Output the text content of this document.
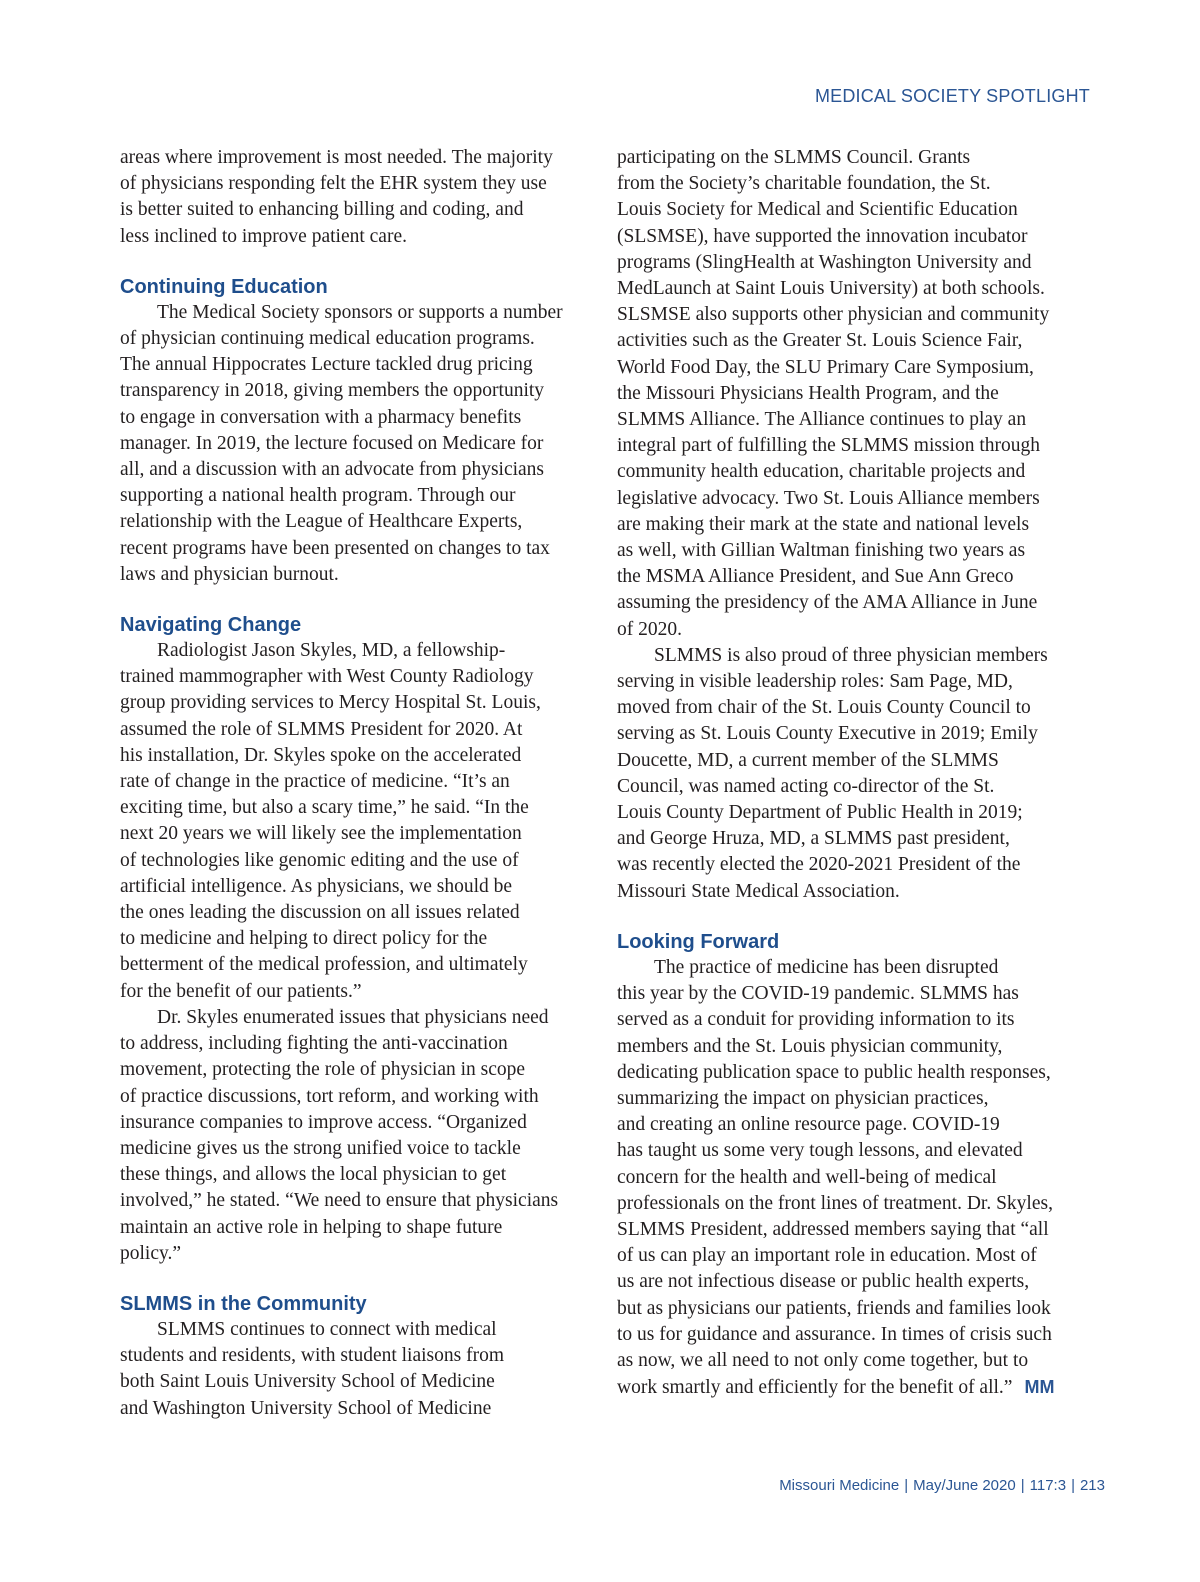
MEDICAL SOCIETY SPOTLIGHT

areas where improvement is most needed. The majority
of physicians responding felt the EHR system they use
is better suited to enhancing billing and coding, and
less inclined to improve patient care.

Continuing Education

The Medical Society sponsors or supports a number
of physician continuing medical education programs.
The annual Hippocrates Lecture tackled drug pricing
transparency in 2018, giving members the opportunity
to engage in conversation with a pharmacy benefits
manager. In 2019, the lecture focused on Medicare for
all, and a discussion with an advocate from physicians
supporting a national health program. Through our
relationship with the League of Healthcare Experts,
recent programs have been presented on changes to tax
laws and physician burnout.

Navigating Change

Radiologist Jason Skyles, MD, a fellowship-
trained mammographer with West County Radiology
group providing services to Mercy Hospital St. Louis,
assumed the role of SLMMS President for 2020. At
his installation, Dr. Skyles spoke on the accelerated
rate of change in the practice of medicine. “It’s an
exciting time, but also a scary time,” he said. “In the
next 20 years we will likely see the implementation
of technologies like genomic editing and the use of
artificial intelligence. As physicians, we should be
the ones leading the discussion on all issues related
to medicine and helping to direct policy for the
betterment of the medical profession, and ultimately
for the benefit of our patients.”

Dr. Skyles enumerated issues that physicians need
to address, including fighting the anti-vaccination
movement, protecting the role of physician in scope
of practice discussions, tort reform, and working with
insurance companies to improve access. “Organized
medicine gives us the strong unified voice to tackle
these things, and allows the local physician to get
involved,” he stated. “We need to ensure that physicians
maintain an active role in helping to shape future
policy.”

SLMMS in the Community

SLMMS continues to connect with medical
students and residents, with student liaisons from
both Saint Louis University School of Medicine
and Washington University School of Medicine

participating on the SLMMS Council. Grants
from the Society’s charitable foundation, the St.
Louis Society for Medical and Scientific Education
(SLSMSE), have supported the innovation incubator
programs (SlingHealth at Washington University and
MedLaunch at Saint Louis University) at both schools.
SLSMSE also supports other physician and community
activities such as the Greater St. Louis Science Fair,
World Food Day, the SLU Primary Care Symposium,
the Missouri Physicians Health Program, and the
SLMMS Alliance. The Alliance continues to play an
integral part of fulfilling the SLMMS mission through
community health education, charitable projects and
legislative advocacy. Two St. Louis Alliance members
are making their mark at the state and national levels
as well, with Gillian Waltman finishing two years as
the MSMA Alliance President, and Sue Ann Greco
assuming the presidency of the AMA Alliance in June
of 2020.

SLMMS is also proud of three physician members
serving in visible leadership roles: Sam Page, MD,
moved from chair of the St. Louis County Council to
serving as St. Louis County Executive in 2019; Emily
Doucette, MD, a current member of the SLMMS
Council, was named acting co-director of the St.
Louis County Department of Public Health in 2019;
and George Hruza, MD, a SLMMS past president,
was recently elected the 2020-2021 President of the
Missouri State Medical Association.

Looking Forward

The practice of medicine has been disrupted
this year by the COVID-19 pandemic. SLMMS has
served as a conduit for providing information to its
members and the St. Louis physician community,
dedicating publication space to public health responses,
summarizing the impact on physician practices,
and creating an online resource page. COVID-19
has taught us some very tough lessons, and elevated
concern for the health and well-being of medical
professionals on the front lines of treatment. Dr. Skyles,
SLMMS President, addressed members saying that “all
of us can play an important role in education. Most of
us are not infectious disease or public health experts,
but as physicians our patients, friends and families look
to us for guidance and assurance. In times of crisis such
as now, we all need to not only come together, but to
work smartly and efficiently for the benefit of all.” MM

Missouri Medicine | May/June 2020 | 117:3 | 213
